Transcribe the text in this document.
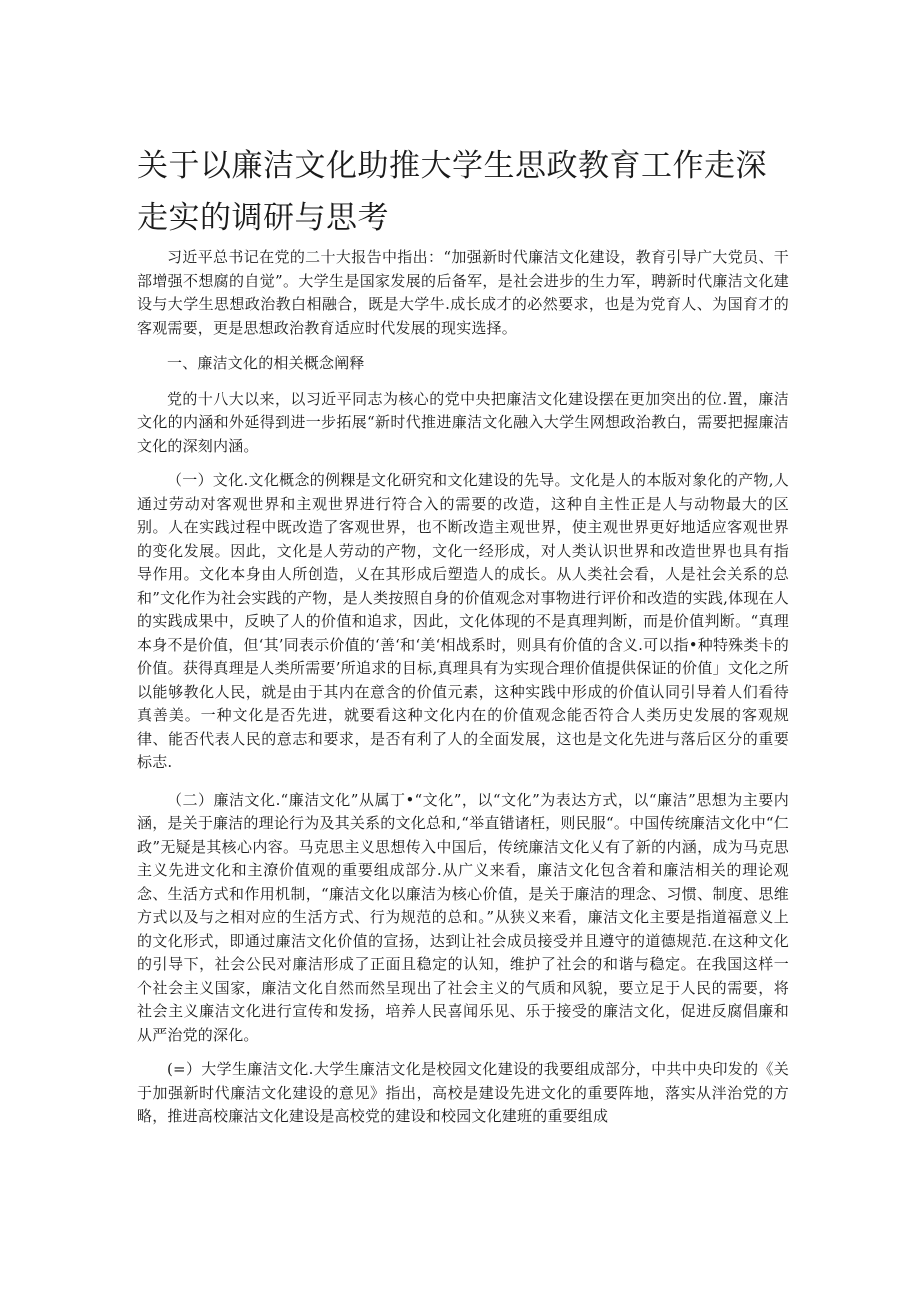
关于以廉洁文化助推大学生思政教育工作走深走实的调研与思考

习近平总书记在党的二十大报告中指出：“加强新时代廉洁文化建设，教育引导广大党员、干部增强不想腐的自觉”。大学生是国家发展的后备军，是社会进步的生力军，聘新时代廉洁文化建设与大学生思想政治教白相融合，既是大学牛.成长成才的必然要求，也是为党育人、为国育才的客观需要，更是思想政治教育适应时代发展的现实选择。

一、廉洁文化的相关概念阐释

党的十八大以来，以习近平同志为核心的党中央把廉洁文化建设摆在更加突出的位.置，廉洁文化的内涵和外延得到进一步拓展“新时代推进廉洁文化融入大学生网想政治教白，需要把握廉洁文化的深刻内涵。

（一）文化.文化概念的例粿是文化研究和文化建设的先导。文化是人的本版对象化的产物,人通过劳动对客观世界和主观世界进行符合入的需要的改造，这种自主性正是人与动物最大的区别。人在实践过程中既改造了客观世界，也不断改造主观世界，使主观世界更好地适应客观世界的变化发展。因此，文化是人劳动的产物，文化一经形成，对人类认识世界和改造世界也具有指导作用。文化本身由人所创造，乂在其形成后塑造人的成长。从人类社会看，人是社会关系的总和”文化作为社会实践的产物，是人类按照自身的价值观念对事物进行评价和改造的实践,体现在人的实践成果中，反映了人的价值和追求，因此，文化体现的不是真理判断，而是价值判断。“真理本身不是价值，但‘其’同表示价值的‘善‘和‘美‘相战系时，则具有价值的含义.可以指•种特殊类卡的价值。获得真理是人类所需要’所追求的目标,真理具有为实现合理价值提供保证的价值」文化之所以能够教化人民，就是由于其内在意含的价值元素，这种实践中形成的价值认同引导着人们看待真善美。一种文化是否先进，就要看这种文化内在的价值观念能否符合人类历史发展的客观规律、能否代表人民的意志和要求，是否有利了人的全面发展，这也是文化先进与落后区分的重要标志.

（二）廉洁文化.“廉洁文化”从属丁•“文化”，以“文化”为表达方式，以“廉洁”思想为主要内涵，是关于廉洁的理论行为及其关系的文化总和,“举直错诸枉，则民服“。中国传统廉洁文化中“仁政”无疑是其核心内容。马克思主义思想传入中国后，传统廉洁文化乂有了新的内涵，成为马克思主义先进文化和主潦价值观的重要组成部分.从广义来看，廉洁文化包含着和廉洁相关的理论观念、生活方式和作用机制，“廉洁文化以廉洁为核心价值，是关于廉洁的理念、习惯、制度、思维方式以及与之相对应的生活方式、行为规范的总和。”从狭义来看，廉洁文化主要是指道福意义上的文化形式，即通过廉洁文化价值的宣扬，达到让社会成员接受并且遵守的道德规范.在这种文化的引导下，社会公民对廉洁形成了正面且稳定的认知，维护了社会的和谐与稳定。在我国这样一个社会主义国家，廉洁文化自然而然呈现出了社会主义的气质和风貌，要立足于人民的需要，将社会主义廉洁文化进行宣传和发扬，培养人民喜闻乐见、乐于接受的廉洁文化，促进反腐倡廉和从严治党的深化。

(=）大学生廉洁文化.大学生廉洁文化是校园文化建设的我要组成部分，中共中央印发的《关于加强新时代廉洁文化建设的意见》指出，高校是建设先进文化的重要阵地，落实从泮治党的方略，推进高校廉沽文化建设是高校党的建设和校园文化建班的重要组成
